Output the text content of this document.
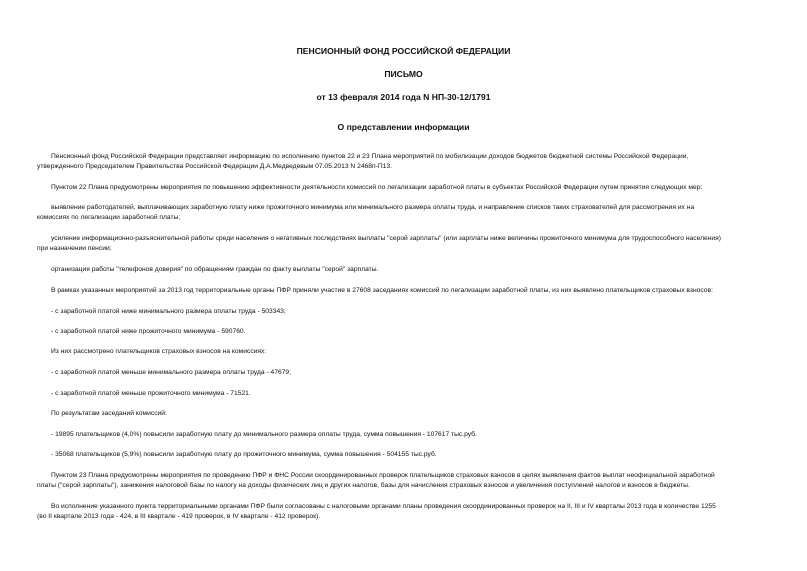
ПЕНСИОННЫЙ ФОНД РОССИЙСКОЙ ФЕДЕРАЦИИ
ПИСЬМО
от 13 февраля 2014 года N НП-30-12/1791
О представлении информации
Пенсионный фонд Российской Федерации представляет информацию по исполнению пунктов 22 и 23 Плана мероприятий по мобилизации доходов бюджетов бюджетной системы Российской Федерации,
утвержденного Председателем Правительства Российской Федерации Д.А.Медведевым 07.05.2013 N 2468п-П13.
Пунктом 22 Плана предусмотрены мероприятия по повышению эффективности деятельности комиссий по легализации заработной платы в субъектах Российской Федерации путем принятия следующих мер:
выявление работодателей, выплачивающих заработную плату ниже прожиточного минимума или минимального размера оплаты труда, и направление списков таких страхователей для рассмотрения их на
комиссиях по легализации заработной платы;
усиление информационно-разъяснительной работы среди населения о негативных последствиях выплаты "серой зарплаты" (или зарплаты ниже величины прожиточного минимума для трудоспособного населения)
при назначении пенсии;
организация работы "телефонов доверия" по обращениям граждан по факту выплаты "серой" зарплаты.
В рамках указанных мероприятий за 2013 год территориальные органы ПФР приняли участие в 27608 заседаниях комиссий по легализации заработной платы, из них выявлено плательщиков страховых взносов:
- с заработной платой ниже минимального размера оплаты труда - 503343;
- с заработной платой ниже прожиточного минимума - 590760.
Из них рассмотрено плательщиков страховых взносов на комиссиях:
- с заработной платой меньше минимального размера оплаты труда - 47679;
- с заработной платой меньше прожиточного минимума - 71521.
По результатам заседаний комиссий:
- 19895 плательщиков (4,0%) повысили заработную плату до минимального размера оплаты труда, сумма повышения - 107617 тыс.руб.
- 35068 плательщиков (5,9%) повысили заработную плату до прожиточного минимума, сумма повышения - 504155 тыс.руб.
Пунктом 23 Плана предусмотрены мероприятия по проведению ПФР и ФНС России скоординированных проверок плательщиков страховых взносов в целях выявления фактов выплат неофициальной заработной
платы ("серой зарплаты"), занижения налоговой базы по налогу на доходы физических лиц и других налогов, базы для начисления страховых взносов и увеличения поступлений налогов и взносов в бюджеты.
Во исполнение указанного пункта территориальными органами ПФР были согласованы с налоговыми органами планы проведения скоординированных проверок на II, III и IV кварталы 2013 года в количестве 1255
(во II квартале 2013 года - 424, в III квартале - 419 проверок, в IV квартале - 412 проверок).
